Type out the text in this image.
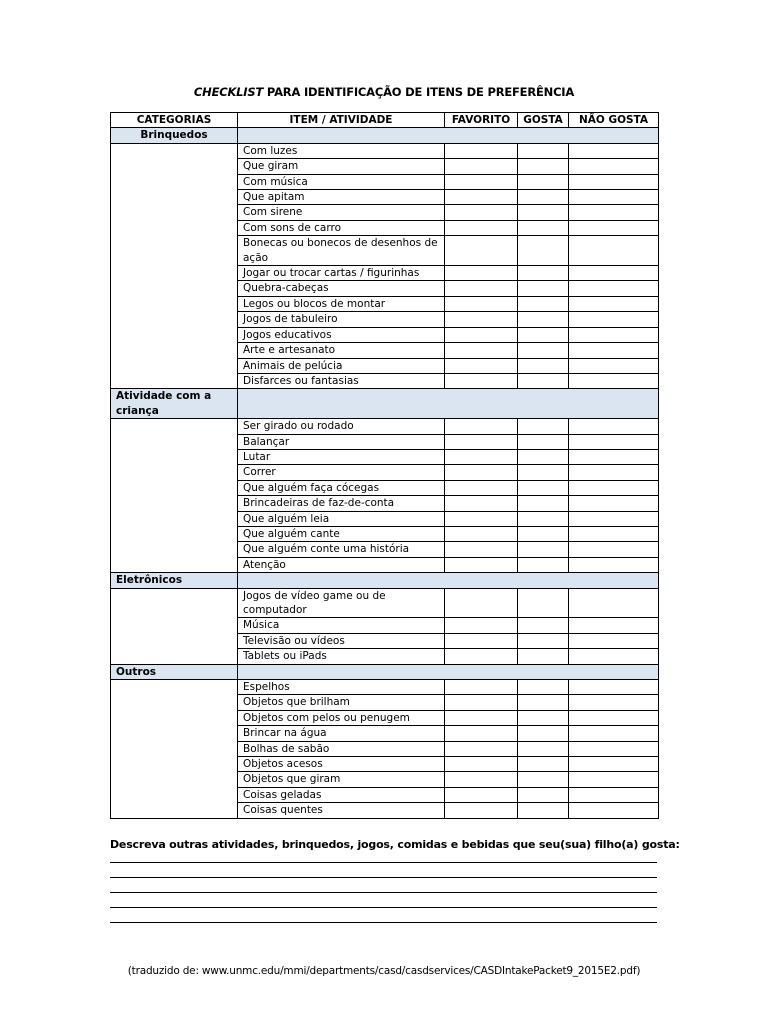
CHECKLIST PARA IDENTIFICAÇÃO DE ITENS DE PREFERÊNCIA
CATEGORIAS	ITEM / ATIVIDADE	FAVORITO	GOSTA	NÃO GOSTA
Brinquedos				
	Com luzes			
	Que giram			
	Com música			
	Que apitam			
	Com sirene			
	Com sons de carro			
	Bonecas ou bonecos de desenhos de ação			
	Jogar ou trocar cartas / figurinhas			
	Quebra-cabeças			
	Legos ou blocos de montar			
	Jogos de tabuleiro			
	Jogos educativos			
	Arte e artesanato			
	Animais de pelúcia			
	Disfarces ou fantasias			
Atividade com a criança				
	Ser girado ou rodado			
	Balançar			
	Lutar			
	Correr			
	Que alguém faça cócegas			
	Brincadeiras de faz-de-conta			
	Que alguém leia			
	Que alguém cante			
	Que alguém conte uma história			
	Atenção			
Eletrônicos				
	Jogos de vídeo game ou de computador			
	Música			
	Televisão ou vídeos			
	Tablets ou iPads			
Outros				
	Espelhos			
	Objetos que brilham			
	Objetos com pelos ou penugem			
	Brincar na água			
	Bolhas de sabão			
	Objetos acesos			
	Objetos que giram			
	Coisas geladas			
	Coisas quentes			
Descreva outras atividades, brinquedos, jogos, comidas e bebidas que seu(sua) filho(a) gosta:
(traduzido de: www.unmc.edu/mmi/departments/casd/casdservices/CASDIntakePacket9_2015E2.pdf)
